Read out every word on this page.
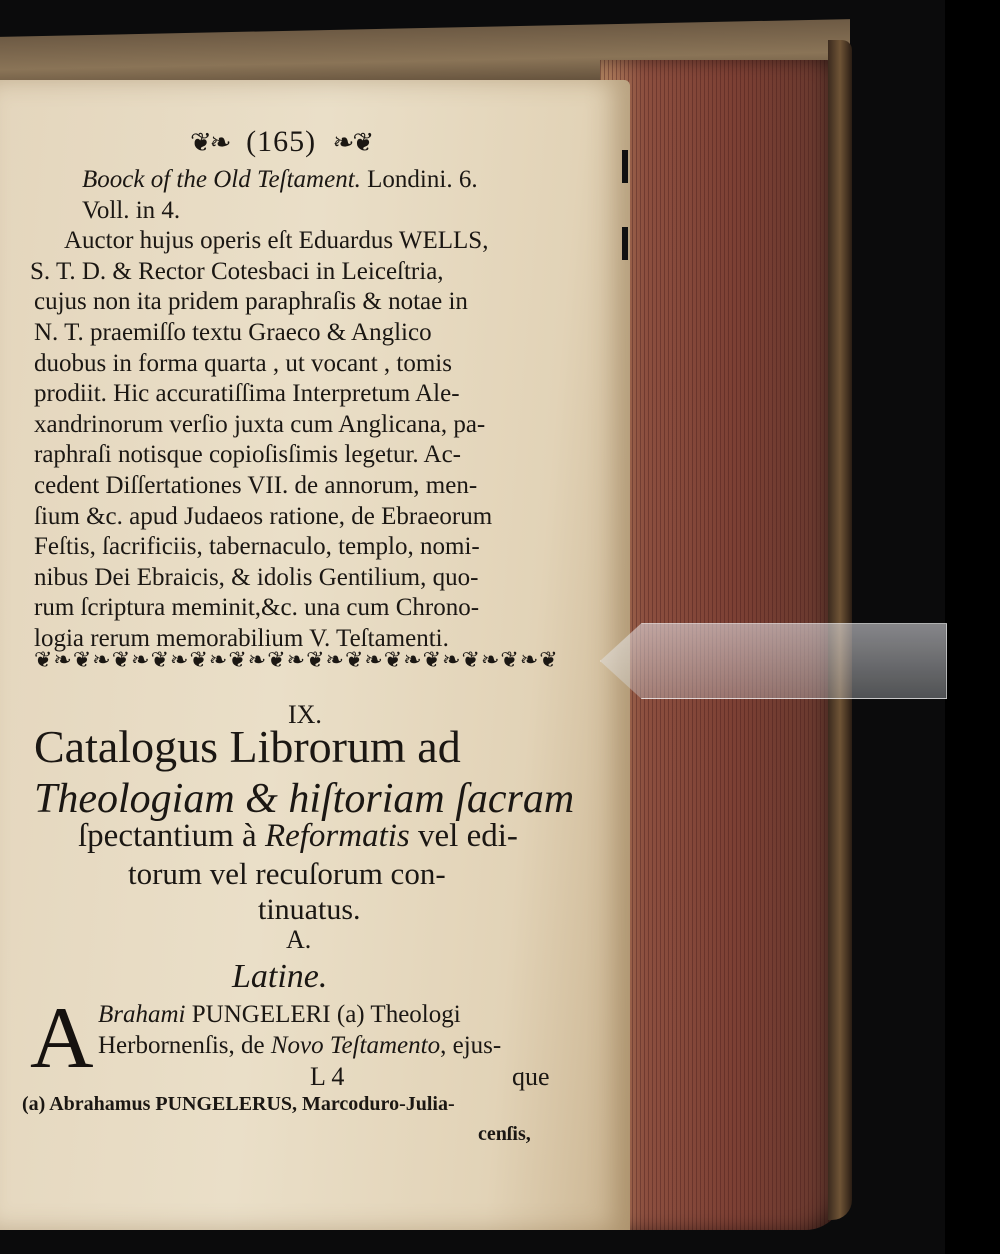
❦❧ (165) ❧❦
Boock of the Old Teſtament. Londini. 6.
Voll. in 4.
Auctor hujus operis eſt Eduardus WELLS,
S. T. D. & Rector Cotesbaci in Leiceſtria,
cujus non ita pridem paraphraſis & notae in
N. T. praemiſſo textu Graeco & Anglico
duobus in forma quarta , ut vocant , tomis
prodiit. Hic accuratiſſima Interpretum Ale-
xandrinorum verſio juxta cum Anglicana, pa-
raphraſi notisque copioſisſimis legetur. Ac-
cedent Diſſertationes VII. de annorum, men-
ſium &c. apud Judaeos ratione, de Ebraeorum
Feſtis, ſacrificiis, tabernaculo, templo, nomi-
nibus Dei Ebraicis, & idolis Gentilium, quo-
rum ſcriptura meminit,&c. una cum Chrono-
logia rerum memorabilium V. Teſtamenti.
❦❧❦❧❦❧❦❧❦❧❦❧❦❧❦❧❦❧❦❧❦❧❦❧❦❧❦
IX.
Catalogus Librorum ad
Theologiam & hiſtoriam ſacram
ſpectantium à Reformatis vel edi-
torum vel recuſorum con-
tinuatus.
A.
Latine.
A Brahami PUNGELERI (a) Theologi
Herbornenſis, de Novo Teſtamento, ejus-
L 4	que
(a) Abrahamus PUNGELERUS, Marcoduro-Julia-
cenſis,
